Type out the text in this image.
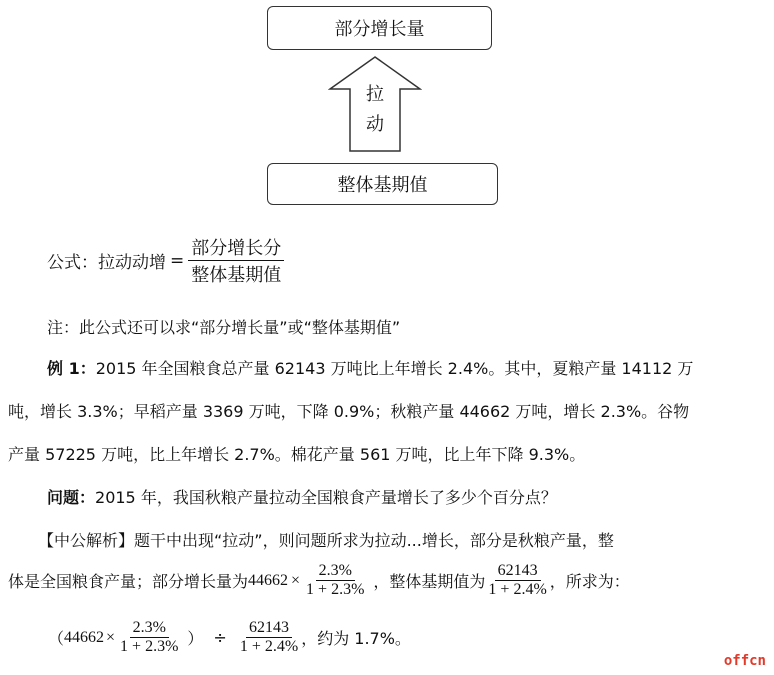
部分增长量
拉
动
整体基期值
公式：拉动动增 = $\frac{\text{部分增长分}}{\text{整体基期值}}$
注：此公式还可以求“部分增长量”或“整体基期值”
例 1：2015 年全国粮食总产量 62143 万吨比上年增长 2.4%。其中，夏粮产量 14112 万
吨，增长 3.3%；早稻产量 3369 万吨，下降 0.9%；秋粮产量 44662 万吨，增长 2.3%。谷物
产量 57225 万吨，比上年增长 2.7%。棉花产量 561 万吨，比上年下降 9.3%。
问题：2015 年，我国秋粮产量拉动全国粮食产量增长了多少个百分点？
【中公解析】题干中出现“拉动”，则问题所求为拉动...增长，部分是秋粮产量，整
体是全国粮食产量；部分增长量为 $44662 \times \frac{2.3\%}{1 + 2.3\%}$ ，整体基期值为 $\frac{62143}{1 + 2.4\%}$ ，所求为：
（ $44662 \times \frac{2.3\%}{1 + 2.3\%}$ ） ÷ $\frac{62143}{1 + 2.4\%}$ ，约为 1.7%。
offcn
